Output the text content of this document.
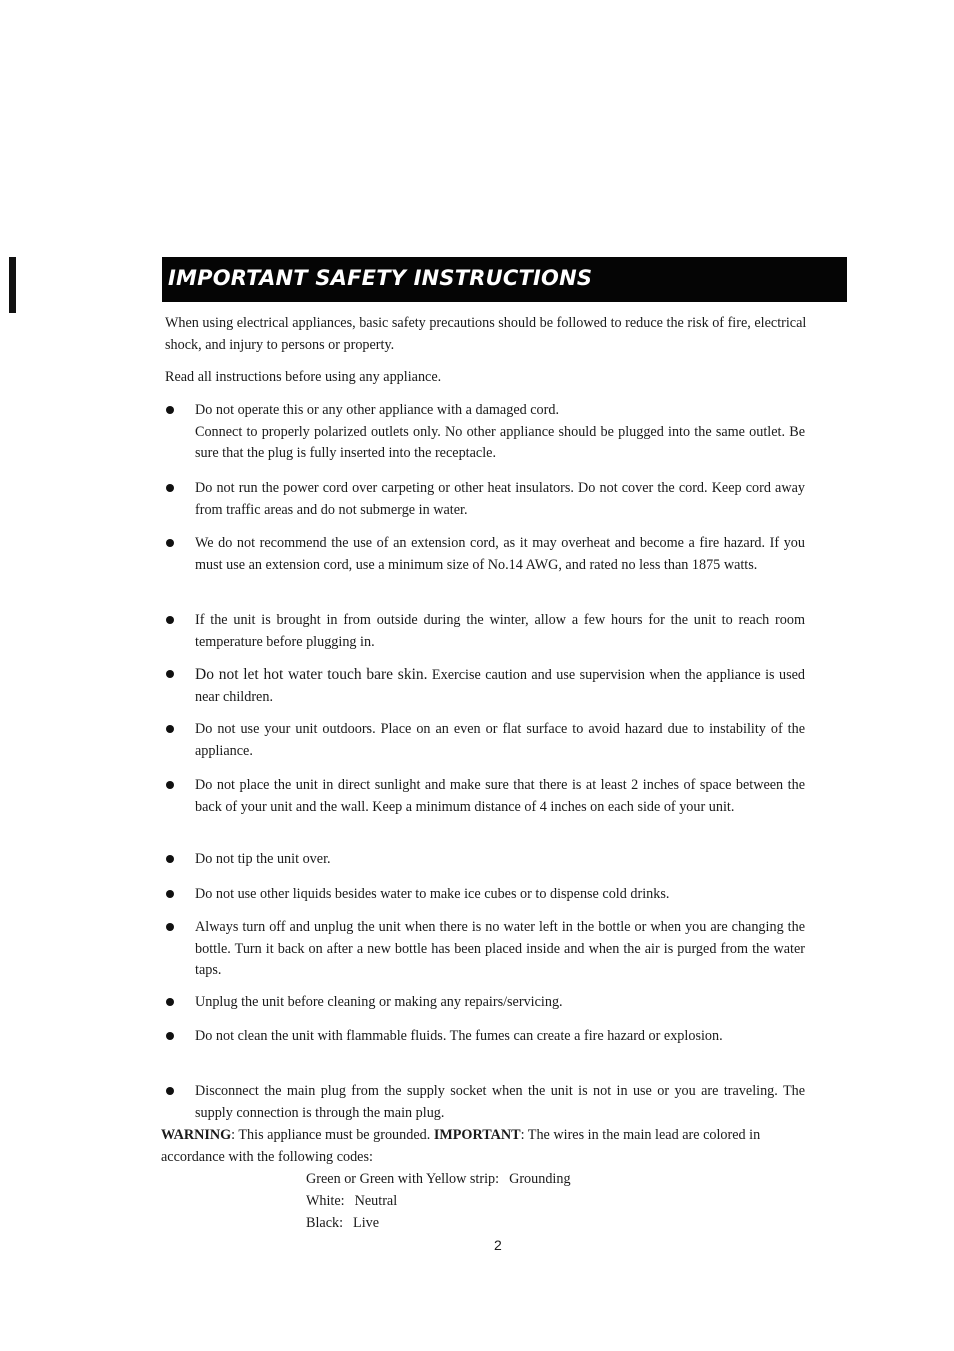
IMPORTANT SAFETY INSTRUCTIONS
When using electrical appliances, basic safety precautions should be followed to reduce the risk of fire, electrical shock, and injury to persons or property.
Read all instructions before using any appliance.
Do not operate this or any other appliance with a damaged cord.
Connect to properly polarized outlets only. No other appliance should be plugged into the same outlet. Be sure that the plug is fully inserted into the receptacle.
Do not run the power cord over carpeting or other heat insulators. Do not cover the cord. Keep cord away from traffic areas and do not submerge in water.
We do not recommend the use of an extension cord, as it may overheat and become a fire hazard. If you must use an extension cord, use a minimum size of No.14 AWG, and rated no less than 1875 watts.
If the unit is brought in from outside during the winter, allow a few hours for the unit to reach room temperature before plugging in.
Do not let hot water touch bare skin. Exercise caution and use supervision when the appliance is used near children.
Do not use your unit outdoors. Place on an even or flat surface to avoid hazard due to instability of the appliance.
Do not place the unit in direct sunlight and make sure that there is at least 2 inches of space between the back of your unit and the wall. Keep a minimum distance of 4 inches on each side of your unit.
Do not tip the unit over.
Do not use other liquids besides water to make ice cubes or to dispense cold drinks.
Always turn off and unplug the unit when there is no water left in the bottle or when you are changing the bottle. Turn it back on after a new bottle has been placed inside and when the air is purged from the water taps.
Unplug the unit before cleaning or making any repairs/servicing.
Do not clean the unit with flammable fluids. The fumes can create a fire hazard or explosion.
Disconnect the main plug from the supply socket when the unit is not in use or you are traveling. The supply connection is through the main plug.
WARNING: This appliance must be grounded. IMPORTANT: The wires in the main lead are colored in accordance with the following codes:
Green or Green with Yellow strip: Grounding
White: Neutral
Black: Live
2
